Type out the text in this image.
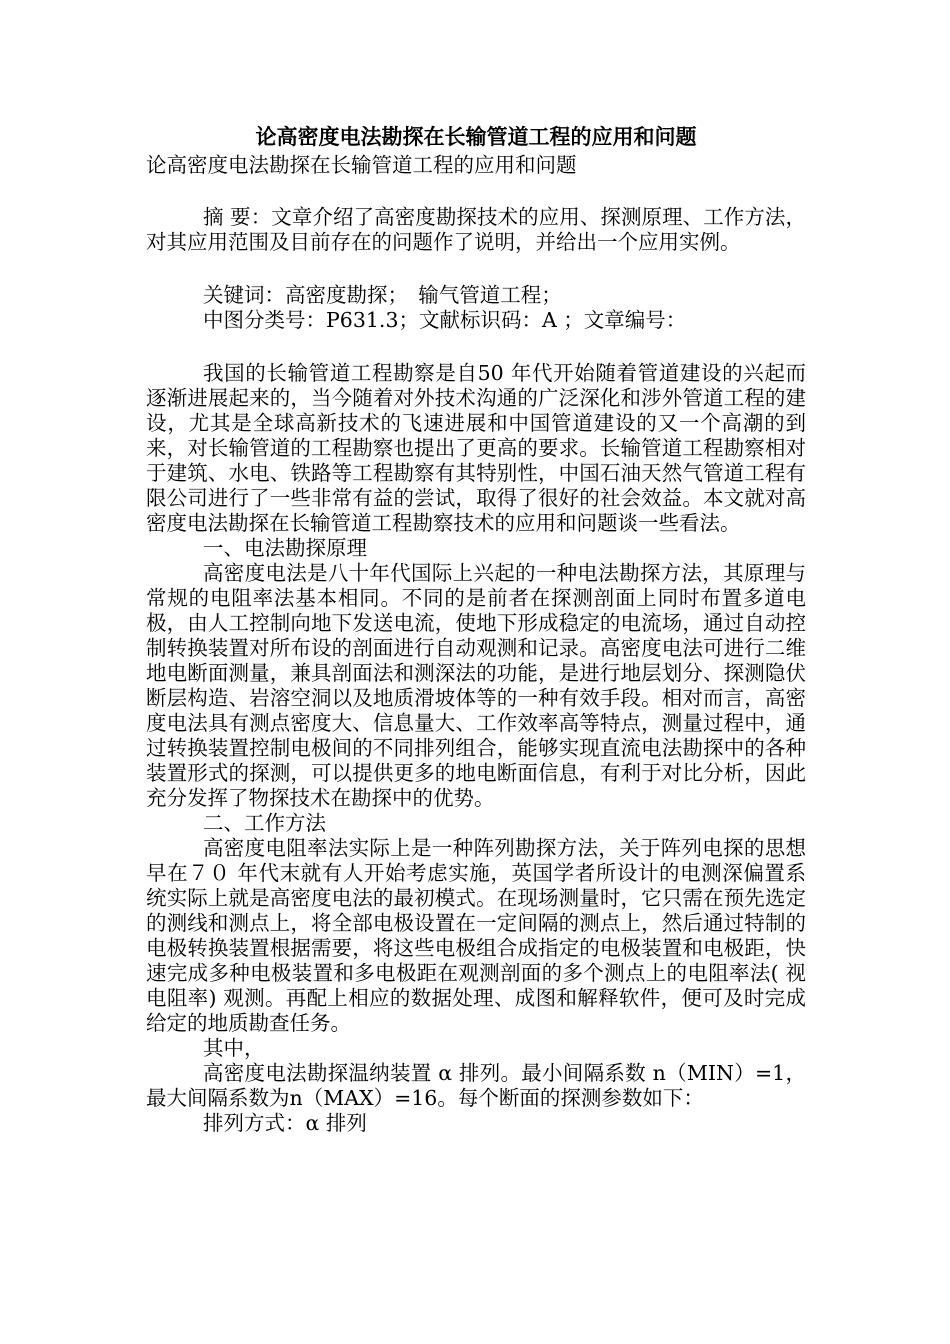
论高密度电法勘探在长输管道工程的应用和问题

论高密度电法勘探在长输管道工程的应用和问题

摘 要：文章介绍了高密度勘探技术的应用、探测原理、工作方法，对其应用范围及目前存在的问题作了说明，并给出一个应用实例。

关键词：高密度勘探；　输气管道工程；

中图分类号：P631.3；文献标识码：A ；文章编号：

我国的长输管道工程勘察是自50 年代开始随着管道建设的兴起而逐渐进展起来的，当今随着对外技术沟通的广泛深化和涉外管道工程的建设，尤其是全球高新技术的飞速进展和中国管道建设的又一个高潮的到来，对长输管道的工程勘察也提出了更高的要求。长输管道工程勘察相对于建筑、水电、铁路等工程勘察有其特别性，中国石油天然气管道工程有限公司进行了一些非常有益的尝试，取得了很好的社会效益。本文就对高密度电法勘探在长输管道工程勘察技术的应用和问题谈一些看法。

一、电法勘探原理

高密度电法是八十年代国际上兴起的一种电法勘探方法，其原理与常规的电阻率法基本相同。不同的是前者在探测剖面上同时布置多道电极，由人工控制向地下发送电流，使地下形成稳定的电流场，通过自动控制转换装置对所布设的剖面进行自动观测和记录。高密度电法可进行二维地电断面测量，兼具剖面法和测深法的功能，是进行地层划分、探测隐伏断层构造、岩溶空洞以及地质滑坡体等的一种有效手段。相对而言，高密度电法具有测点密度大、信息量大、工作效率高等特点，测量过程中，通过转换装置控制电极间的不同排列组合，能够实现直流电法勘探中的各种装置形式的探测，可以提供更多的地电断面信息，有利于对比分析，因此充分发挥了物探技术在勘探中的优势。

二、工作方法

高密度电阻率法实际上是一种阵列勘探方法，关于阵列电探的思想早在７０ 年代末就有人开始考虑实施，英国学者所设计的电测深偏置系统实际上就是高密度电法的最初模式。在现场测量时，它只需在预先选定的测线和测点上，将全部电极设置在一定间隔的测点上，然后通过特制的电极转换装置根据需要，将这些电极组合成指定的电极装置和电极距，快速完成多种电极装置和多电极距在观测剖面的多个测点上的电阻率法( 视电阻率) 观测。再配上相应的数据处理、成图和解释软件，便可及时完成给定的地质勘查任务。

其中，

高密度电法勘探温纳装置 α 排列。最小间隔系数 n（MIN）=1，最大间隔系数为n（MAX）=16。每个断面的探测参数如下：

排列方式：α 排列
